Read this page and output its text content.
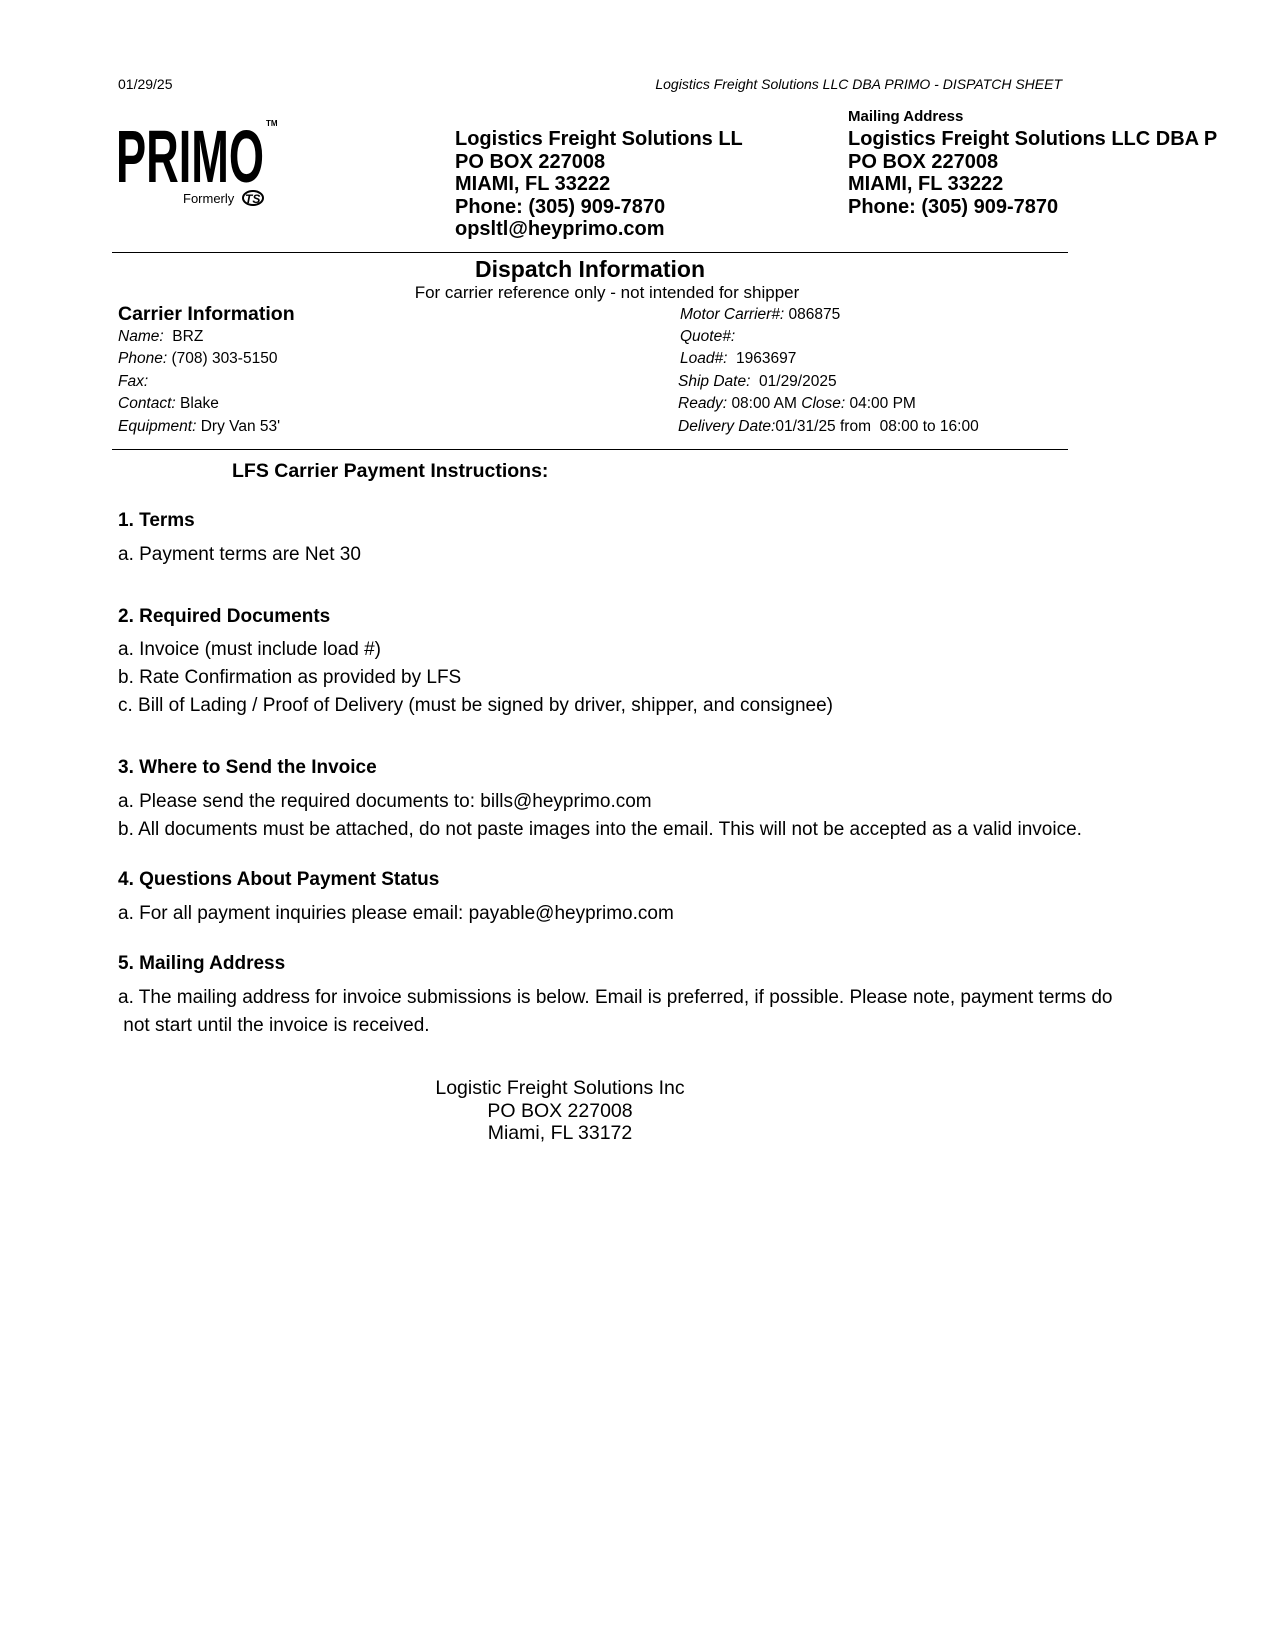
01/29/25	Logistics Freight Solutions LLC DBA PRIMO - DISPATCH SHEET
PRIMO TM
Formerly TS
Logistics Freight Solutions LL
PO BOX 227008
MIAMI, FL 33222
Phone: (305) 909-7870
opsltl@heyprimo.com
Mailing Address
Logistics Freight Solutions LLC DBA P
PO BOX 227008
MIAMI, FL 33222
Phone: (305) 909-7870
Dispatch Information
For carrier reference only - not intended for shipper
Carrier Information
Name: BRZ
Phone: (708) 303-5150
Fax:
Contact: Blake
Equipment: Dry Van 53'
Motor Carrier#: 086875
Quote#:
Load#: 1963697
Ship Date: 01/29/2025
Ready: 08:00 AM Close: 04:00 PM
Delivery Date:01/31/25 from  08:00 to 16:00
LFS Carrier Payment Instructions:
1. Terms
a. Payment terms are Net 30
2. Required Documents
a. Invoice (must include load #)
b. Rate Confirmation as provided by LFS
c. Bill of Lading / Proof of Delivery (must be signed by driver, shipper, and consignee)
3. Where to Send the Invoice
a. Please send the required documents to: bills@heyprimo.com
b. All documents must be attached, do not paste images into the email. This will not be accepted as a valid invoice.
4. Questions About Payment Status
a. For all payment inquiries please email: payable@heyprimo.com
5. Mailing Address
a. The mailing address for invoice submissions is below. Email is preferred, if possible. Please note, payment terms do
not start until the invoice is received.
Logistic Freight Solutions Inc
PO BOX 227008
Miami, FL 33172
